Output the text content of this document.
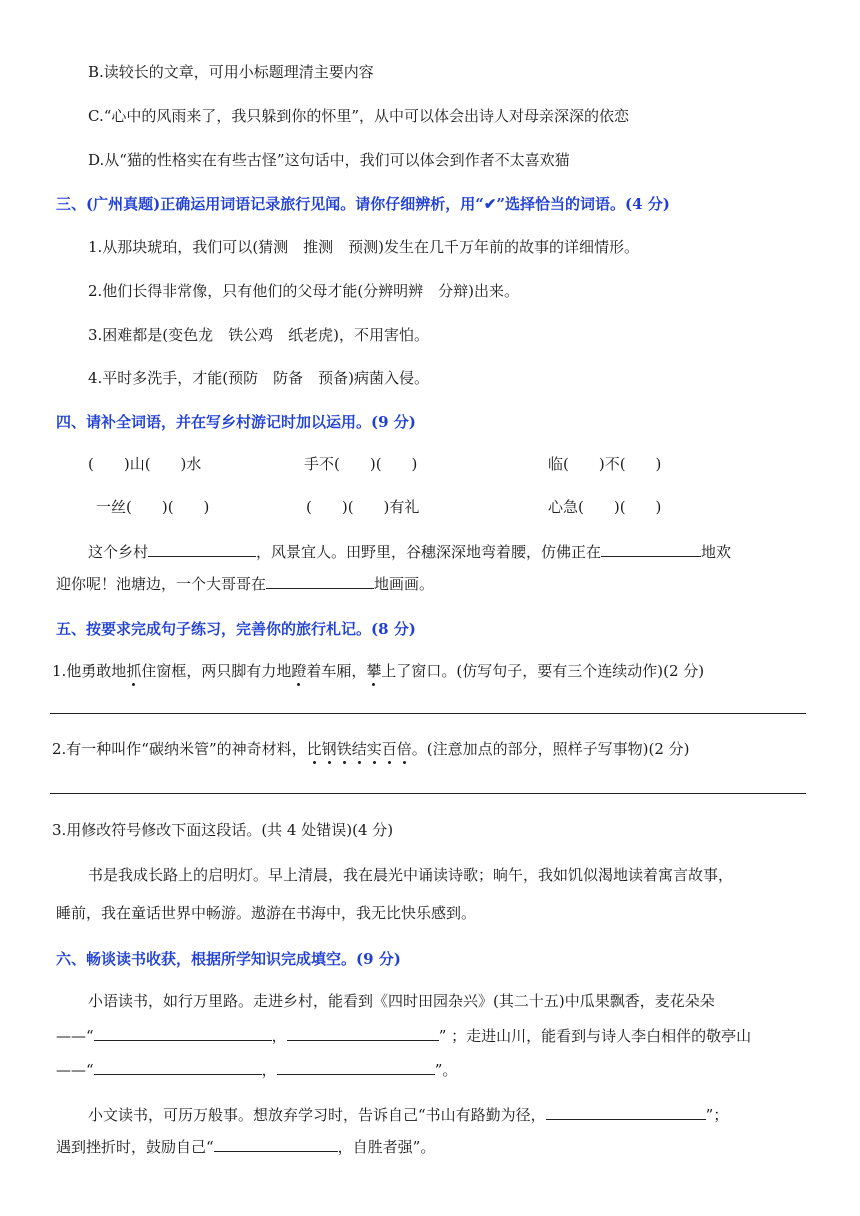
B.读较长的文章，可用小标题理清主要内容
C.“心中的风雨来了，我只躲到你的怀里”，从中可以体会出诗人对母亲深深的依恋
D.从“猫的性格实在有些古怪”这句话中，我们可以体会到作者不太喜欢猫
三、(广州真题)正确运用词语记录旅行见闻。请你仔细辨析，用“✔”选择恰当的词语。(4 分)
1.从那块琥珀，我们可以(猜测　推测　预测)发生在几千万年前的故事的详细情形。
2.他们长得非常像，只有他们的父母才能(分辨明辨　分辩)出来。
3.困难都是(变色龙　铁公鸡　纸老虎)，不用害怕。
4.平时多洗手，才能(预防　防备　预备)病菌入侵。
四、请补全词语，并在写乡村游记时加以运用。(9 分)
(　　)山(　　)水	手不(　　)(　　)	临(　　)不(　　)
一丝(　　)(　　)	(　　)(　　)有礼	心急(　　)(　　)
这个乡村	，风景宜人。田野里，谷穗深深地弯着腰，仿佛正在	地欢
迎你呢！池塘边，一个大哥哥在	地画画。
五、按要求完成句子练习，完善你的旅行札记。(8 分)
1.他勇敢地抓住窗框，两只脚有力地蹬着车厢，攀上了窗口。(仿写句子，要有三个连续动作)(2 分)
2.有一种叫作“碳纳米管”的神奇材料，比钢铁结实百倍。(注意加点的部分，照样子写事物)(2 分)
3.用修改符号修改下面这段话。(共 4 处错误)(4 分)
书是我成长路上的启明灯。早上清晨，我在晨光中诵读诗歌；晌午，我如饥似渴地读着寓言故事，
睡前，我在童话世界中畅游。遨游在书海中，我无比快乐感到。
六、畅谈读书收获，根据所学知识完成填空。(9 分)
小语读书，如行万里路。走进乡村，能看到《四时田园杂兴》(其二十五)中瓜果飘香，麦花朵朵
——“	，	” ；走进山川，能看到与诗人李白相伴的敬亭山
——“	，	”。
小文读书，可历万般事。想放弃学习时，告诉自己“书山有路勤为径，	”；
遇到挫折时，鼓励自己“	，自胜者强”。
